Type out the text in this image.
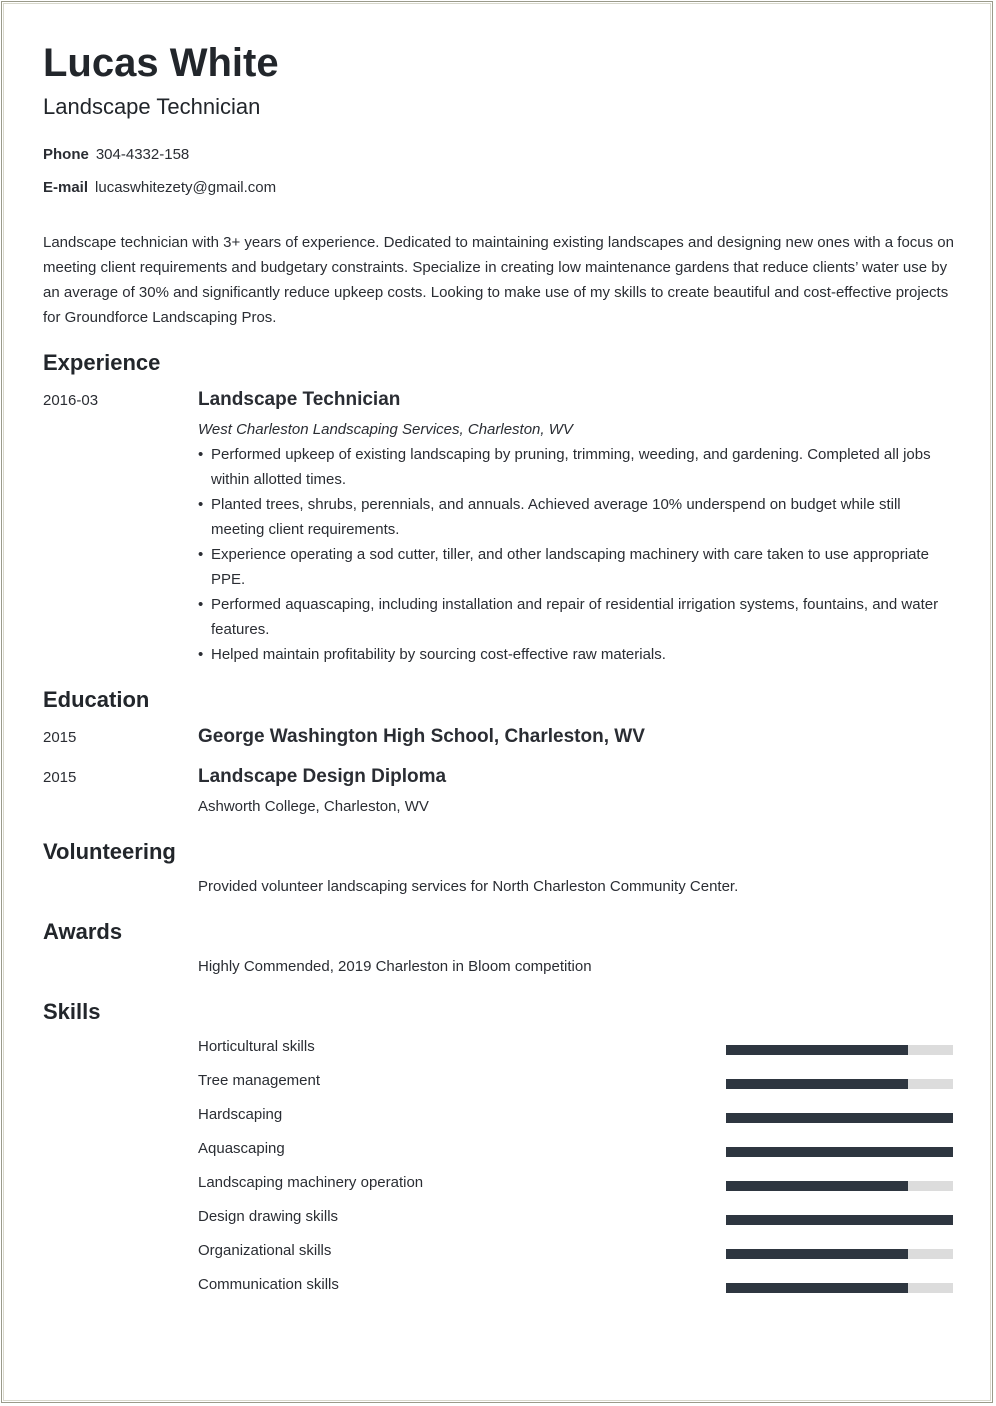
Lucas White
Landscape Technician
Phone 304-4332-158
E-mail lucaswhitezety@gmail.com
Landscape technician with 3+ years of experience. Dedicated to maintaining existing landscapes and designing new ones with a focus on meeting client requirements and budgetary constraints. Specialize in creating low maintenance gardens that reduce clients’ water use by an average of 30% and significantly reduce upkeep costs. Looking to make use of my skills to create beautiful and cost-effective projects for Groundforce Landscaping Pros.
Experience
2016-03	Landscape Technician
West Charleston Landscaping Services, Charleston, WV
• Performed upkeep of existing landscaping by pruning, trimming, weeding, and gardening. Completed all jobs within allotted times.
• Planted trees, shrubs, perennials, and annuals. Achieved average 10% underspend on budget while still meeting client requirements.
• Experience operating a sod cutter, tiller, and other landscaping machinery with care taken to use appropriate PPE.
• Performed aquascaping, including installation and repair of residential irrigation systems, fountains, and water features.
• Helped maintain profitability by sourcing cost-effective raw materials.
Education
2015	George Washington High School, Charleston, WV
2015	Landscape Design Diploma
Ashworth College, Charleston, WV
Volunteering
Provided volunteer landscaping services for North Charleston Community Center.
Awards
Highly Commended, 2019 Charleston in Bloom competition
Skills
Horticultural skills
Tree management
Hardscaping
Aquascaping
Landscaping machinery operation
Design drawing skills
Organizational skills
Communication skills
